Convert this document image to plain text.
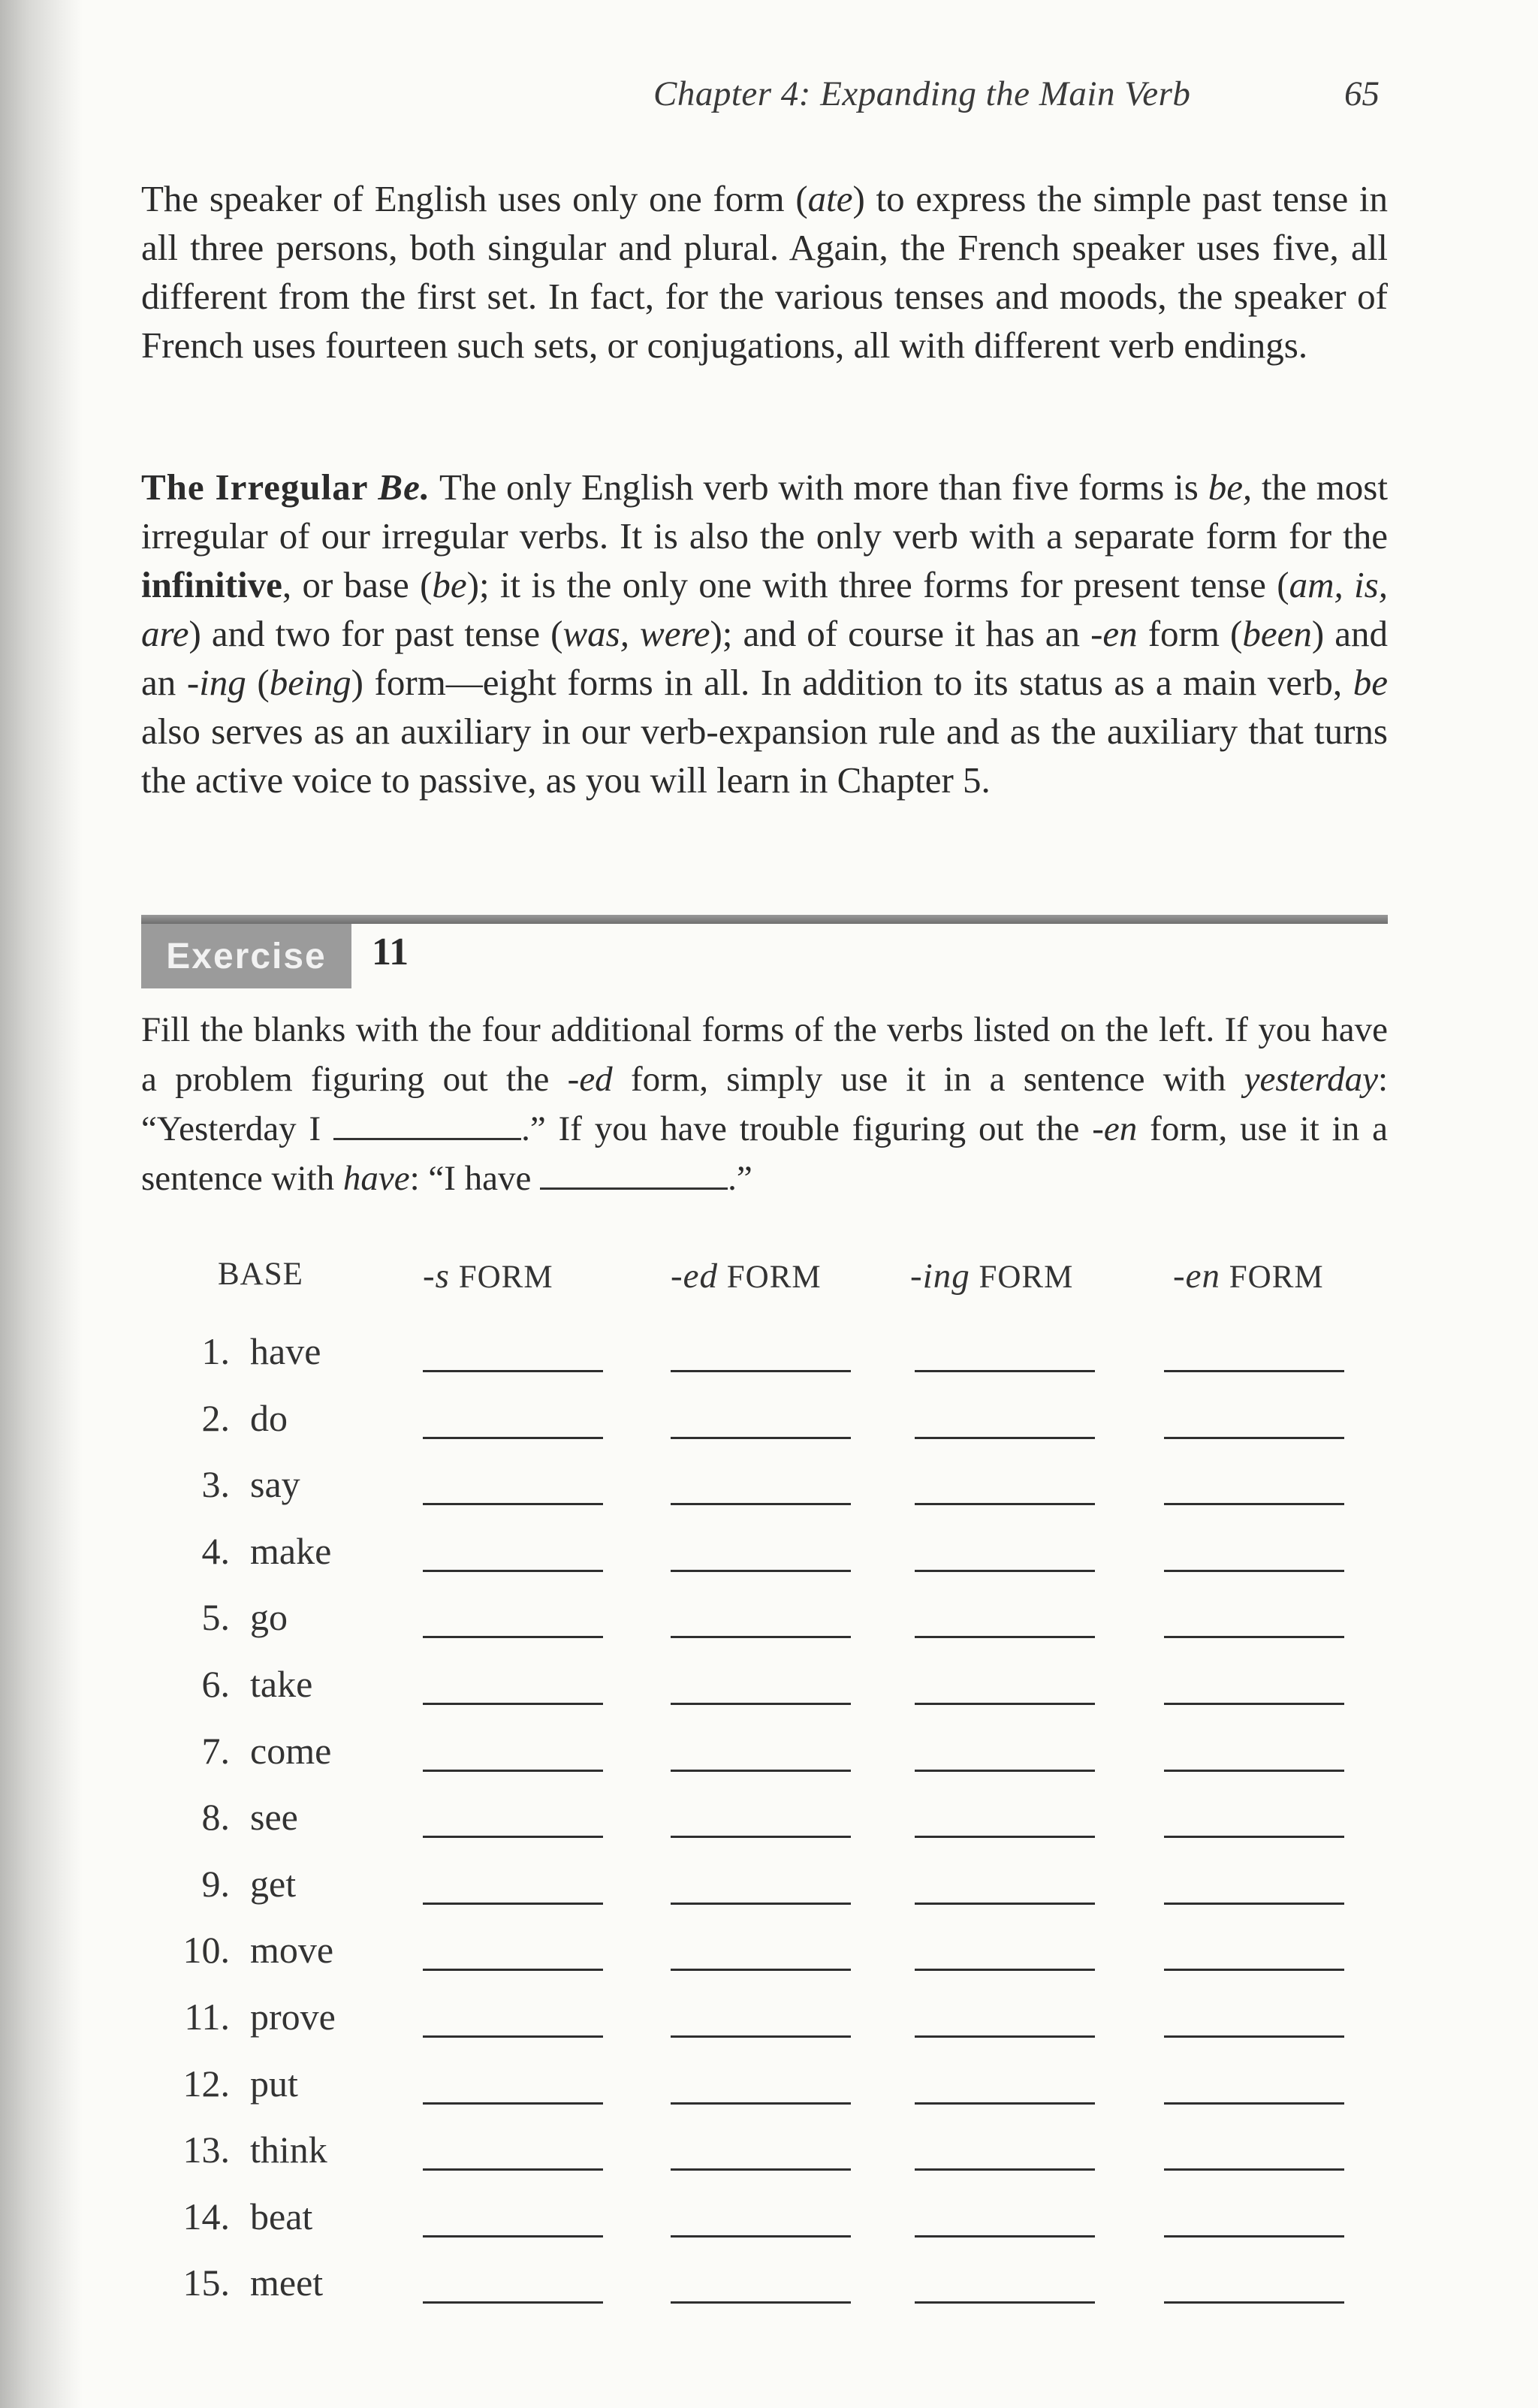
Chapter 4: Expanding the Main Verb	65
The speaker of English uses only one form (ate) to express the simple past tense in all three persons, both singular and plural. Again, the French speaker uses five, all different from the first set. In fact, for the various tenses and moods, the speaker of French uses fourteen such sets, or conjugations, all with different verb endings.
The Irregular Be. The only English verb with more than five forms is be, the most irregular of our irregular verbs. It is also the only verb with a separate form for the infinitive, or base (be); it is the only one with three forms for present tense (am, is, are) and two for past tense (was, were); and of course it has an -en form (been) and an -ing (being) form—eight forms in all. In addition to its status as a main verb, be also serves as an auxiliary in our verb-expansion rule and as the auxiliary that turns the active voice to passive, as you will learn in Chapter 5.
Exercise	11
Fill the blanks with the four additional forms of the verbs listed on the left. If you have a problem figuring out the -ed form, simply use it in a sentence with yesterday: “Yesterday I	.” If you have trouble figuring out the -en form, use it in a sentence with have: “I have	.”
BASE	-s FORM	-ed FORM	-ing FORM	-en FORM
1. have
2. do
3. say
4. make
5. go
6. take
7. come
8. see
9. get
10. move
11. prove
12. put
13. think
14. beat
15. meet
